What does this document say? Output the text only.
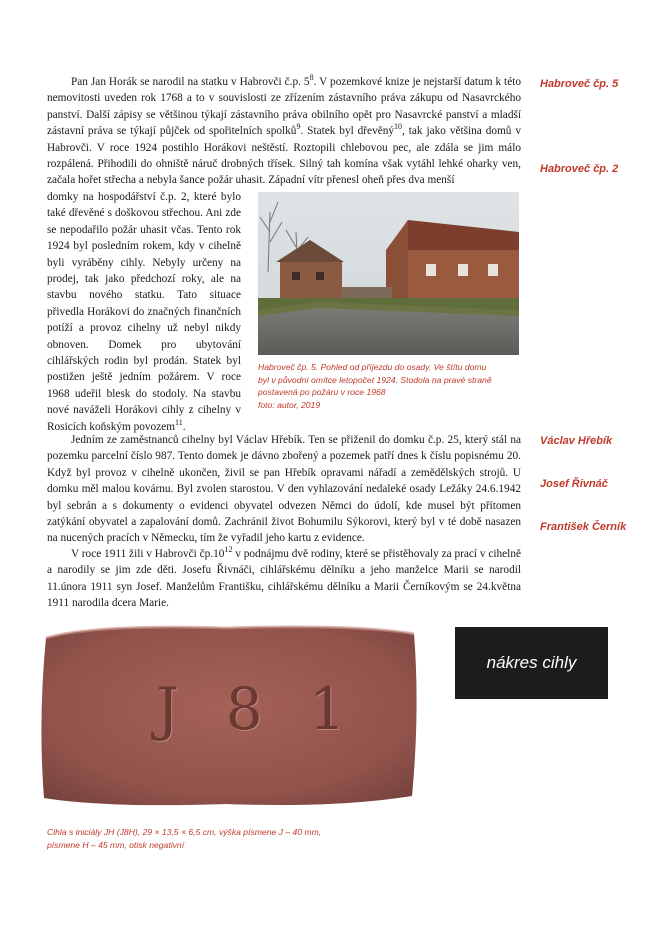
Pan Jan Horák se narodil na statku v Habrovči č.p. $5^8$. V pozemkové knize je nejstarší datum k této nemovitosti uveden rok 1768 a to v souvislosti ze zřízením zástavního práva zákupu od Nasavrckého panství. Další zápisy se většinou týkají zástavního práva obilního opět pro Nasavrcké panství a mladší zástavní práva se týkají půjček od spořitelních spolků$^9$. Statek byl dřevěný$^{10}$, tak jako většina domů v Habrovči. V roce 1924 postihlo Horákovi neštěstí. Roztopili chlebovou pec, ale zdála se jim málo rozpálená. Přihodili do ohniště náruč drobných třísek. Silný tah komína však vytáhl lehké oharky ven, začala hořet střecha a nebyla šance požár uhasit. Západní vítr přenesl oheň přes dva menší

domky na hospodářství č.p. 2, které bylo také dřevěné s doškovou střechou. Ani zde se nepodařilo požár uhasit včas. Tento rok 1924 byl posledním rokem, kdy v cihelně byli vyráběny cihly. Nebyly určeny na prodej, tak jako předchozí roky, ale na stavbu nového statku. Tato situace přivedla Horákovi do značných finančních potíží a provoz cihelny už nebyl nikdy obnoven. Domek pro ubytování cihlářských rodin byl prodán. Statek byl postižen ještě jedním požárem. V roce 1968 udeřil blesk do stodoly. Na stavbu nové naváželi Horákovi cihly z cihelny v Rosicích koňským povozem$^{11}$.

Habroveč čp. 5. Pohled od příjezdu do osady. Ve štítu domu
byl v původní omítce letopočet 1924. Stodola na pravé straně
postavená po požáru v roce 1968
foto: autor, 2019

Jedním ze zaměstnanců cihelny byl Václav Hřebík. Ten se přiženil do domku č.p. 25, který stál na pozemku parcelní číslo 987. Tento domek je dávno zbořený a pozemek patří dnes k číslu popisnému 20. Když byl provoz v cihelně ukončen, živil se pan Hřebík opravami nářadí a zemědělských strojů. U domku měl malou kovárnu. Byl zvolen starostou. V den vyhlazování nedaleké osady Ležáky 24.6.1942 byl sebrán a s dokumenty o evidenci obyvatel odvezen Němci do údolí, kde musel být přítomen zatýkání obyvatel a zapalování domů. Zachránil život Bohumilu Sýkorovi, který byl v té době nasazen na nucených pracích v Německu, tím že vyřadil jeho kartu z evidence.

V roce 1911 žili v Habrovči $čp.10^{12}$ v podnájmu dvě rodiny, které se přistěhovaly za prací v cihelně a narodily se jim zde děti. Josefu Řivnáči, cihlářskému dělníku a jeho manželce Marii se narodil 11.února 1911 syn Josef. Manželům Františku, cihlářskému dělníku a Marii Černíkovým se 24.května 1911 narodila dcera Marie.

Habroveč čp. 5
Habroveč čp. 2
Václav Hřebík
Josef Řivnáč
František Černík
J 8 1
Cihla s iniciály JH (J8H), 29 × 13,5 × 6,5 cm, výška písmene J – 40 mm,
písmene H – 45 mm, otisk negativní
nákres cihly
